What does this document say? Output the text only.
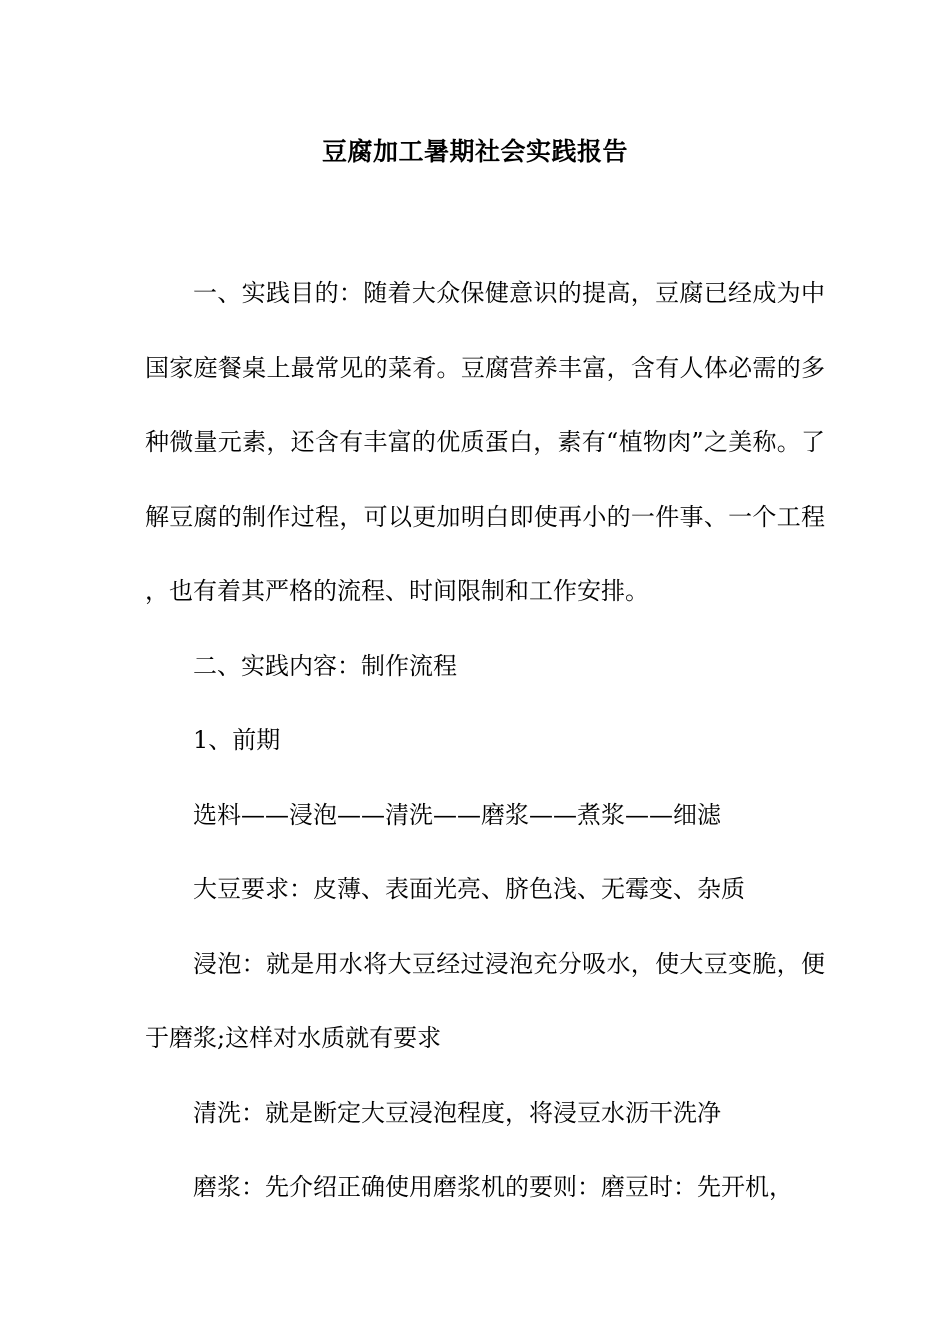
豆腐加工暑期社会实践报告

一、实践目的：随着大众保健意识的提高，豆腐已经成为中国家庭餐桌上最常见的菜肴。豆腐营养丰富，含有人体必需的多种微量元素，还含有丰富的优质蛋白，素有“植物肉”之美称。了解豆腐的制作过程，可以更加明白即使再小的一件事、一个工程，也有着其严格的流程、时间限制和工作安排。

二、实践内容：制作流程

1、前期

选料——浸泡——清洗——磨浆——煮浆——细滤

大豆要求：皮薄、表面光亮、脐色浅、无霉变、杂质

浸泡：就是用水将大豆经过浸泡充分吸水，使大豆变脆，便于磨浆;这样对水质就有要求

清洗：就是断定大豆浸泡程度，将浸豆水沥干洗净

磨浆：先介绍正确使用磨浆机的要则：磨豆时：先开机，
